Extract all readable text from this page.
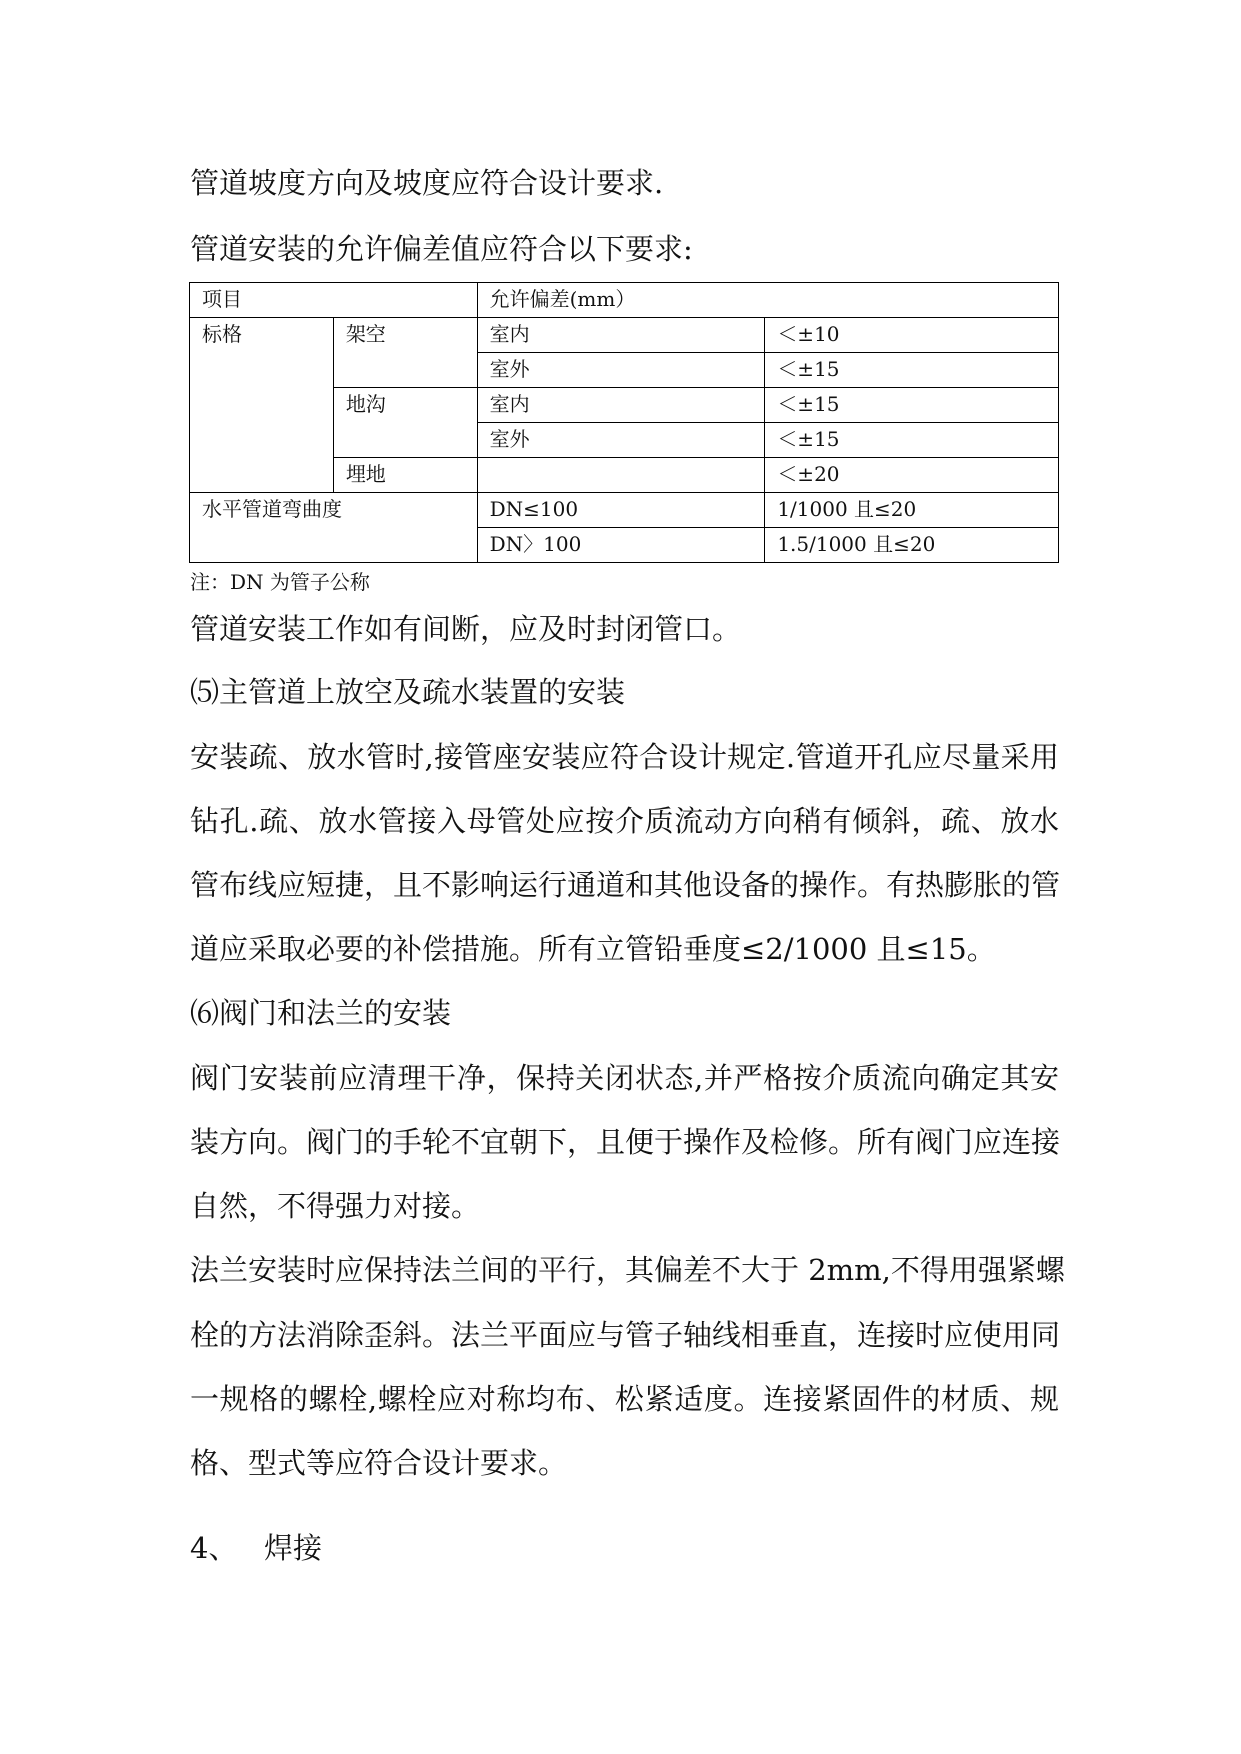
管道坡度方向及坡度应符合设计要求.
管道安装的允许偏差值应符合以下要求:
项目		允许偏差(mm）	
标格	架空	室内	＜±10
		室外	＜±15
	地沟	室内	＜±15
		室外	＜±15
	埋地		＜±20
水平管道弯曲度		DN≤100	1/1000 且≤20
		DN〉100	1.5/1000 且≤20
注：DN 为管子公称
管道安装工作如有间断，应及时封闭管口。
⑸主管道上放空及疏水装置的安装
安装疏、放水管时,接管座安装应符合设计规定.管道开孔应尽量采用
钻孔.疏、放水管接入母管处应按介质流动方向稍有倾斜，疏、放水
管布线应短捷，且不影响运行通道和其他设备的操作。有热膨胀的管
道应采取必要的补偿措施。所有立管铅垂度≤2/1000 且≤15。
⑹阀门和法兰的安装
阀门安装前应清理干净，保持关闭状态,并严格按介质流向确定其安
装方向。阀门的手轮不宜朝下，且便于操作及检修。所有阀门应连接
自然，不得强力对接。
法兰安装时应保持法兰间的平行，其偏差不大于 2mm,不得用强紧螺
栓的方法消除歪斜。法兰平面应与管子轴线相垂直，连接时应使用同
一规格的螺栓,螺栓应对称均布、松紧适度。连接紧固件的材质、规
格、型式等应符合设计要求。
4、 焊接
